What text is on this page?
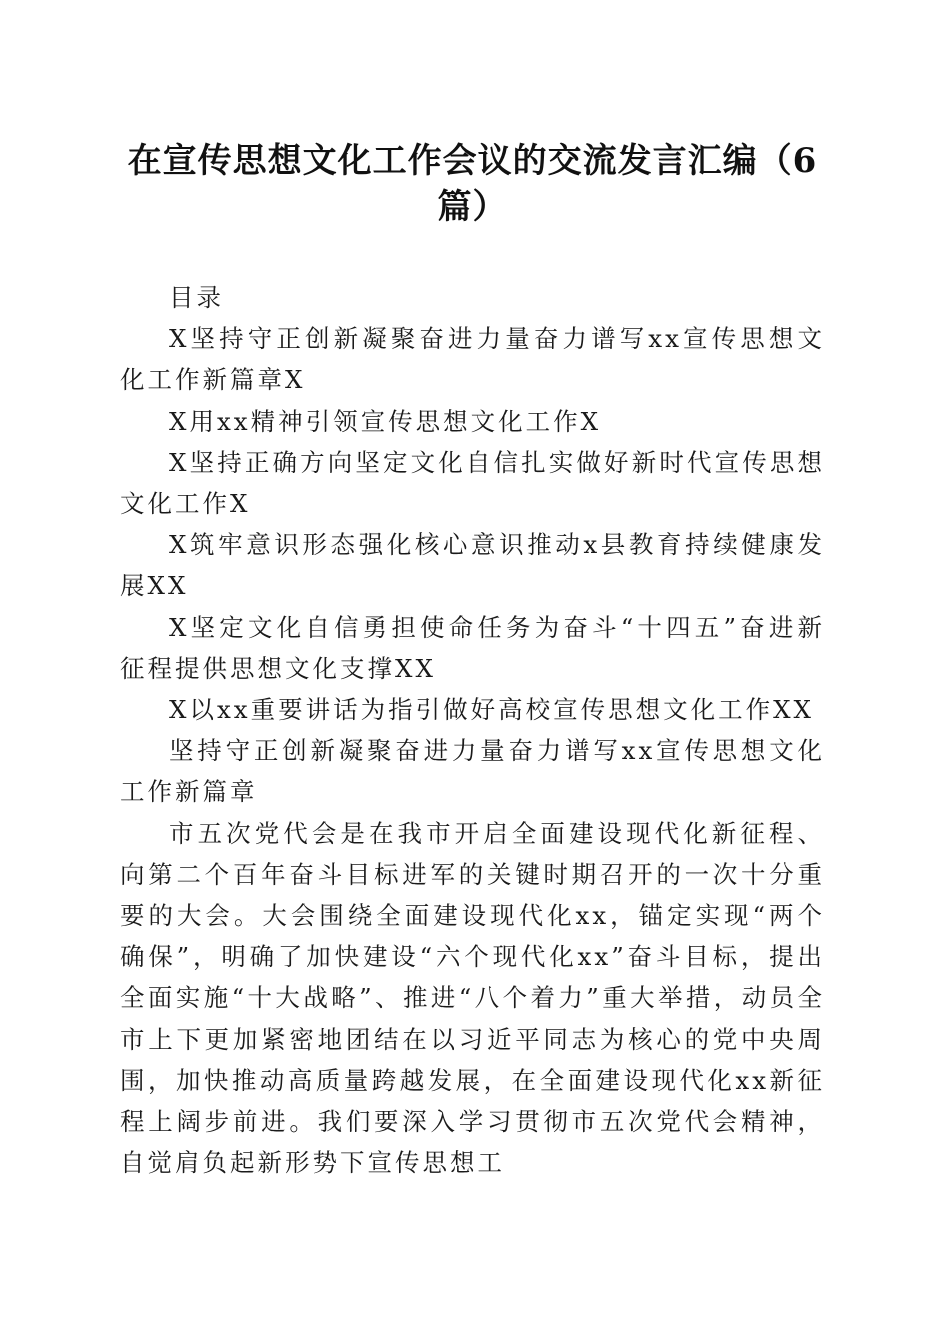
在宣传思想文化工作会议的交流发言汇编（6篇）

目录

X坚持守正创新凝聚奋进力量奋力谱写xx宣传思想文化工作新篇章X

X用xx精神引领宣传思想文化工作X

X坚持正确方向坚定文化自信扎实做好新时代宣传思想文化工作X

X筑牢意识形态强化核心意识推动x县教育持续健康发展XX

X坚定文化自信勇担使命任务为奋斗“十四五”奋进新征程提供思想文化支撑XX

X以xx重要讲话为指引做好高校宣传思想文化工作XX

坚持守正创新凝聚奋进力量奋力谱写xx宣传思想文化工作新篇章

市五次党代会是在我市开启全面建设现代化新征程、向第二个百年奋斗目标进军的关键时期召开的一次十分重要的大会。大会围绕全面建设现代化xx，锚定实现“两个确保”，明确了加快建设“六个现代化xx”奋斗目标，提出全面实施“十大战略”、推进“八个着力”重大举措，动员全市上下更加紧密地团结在以习近平同志为核心的党中央周围，加快推动高质量跨越发展，在全面建设现代化xx新征程上阔步前进。我们要深入学习贯彻市五次党代会精神，自觉肩负起新形势下宣传思想工
